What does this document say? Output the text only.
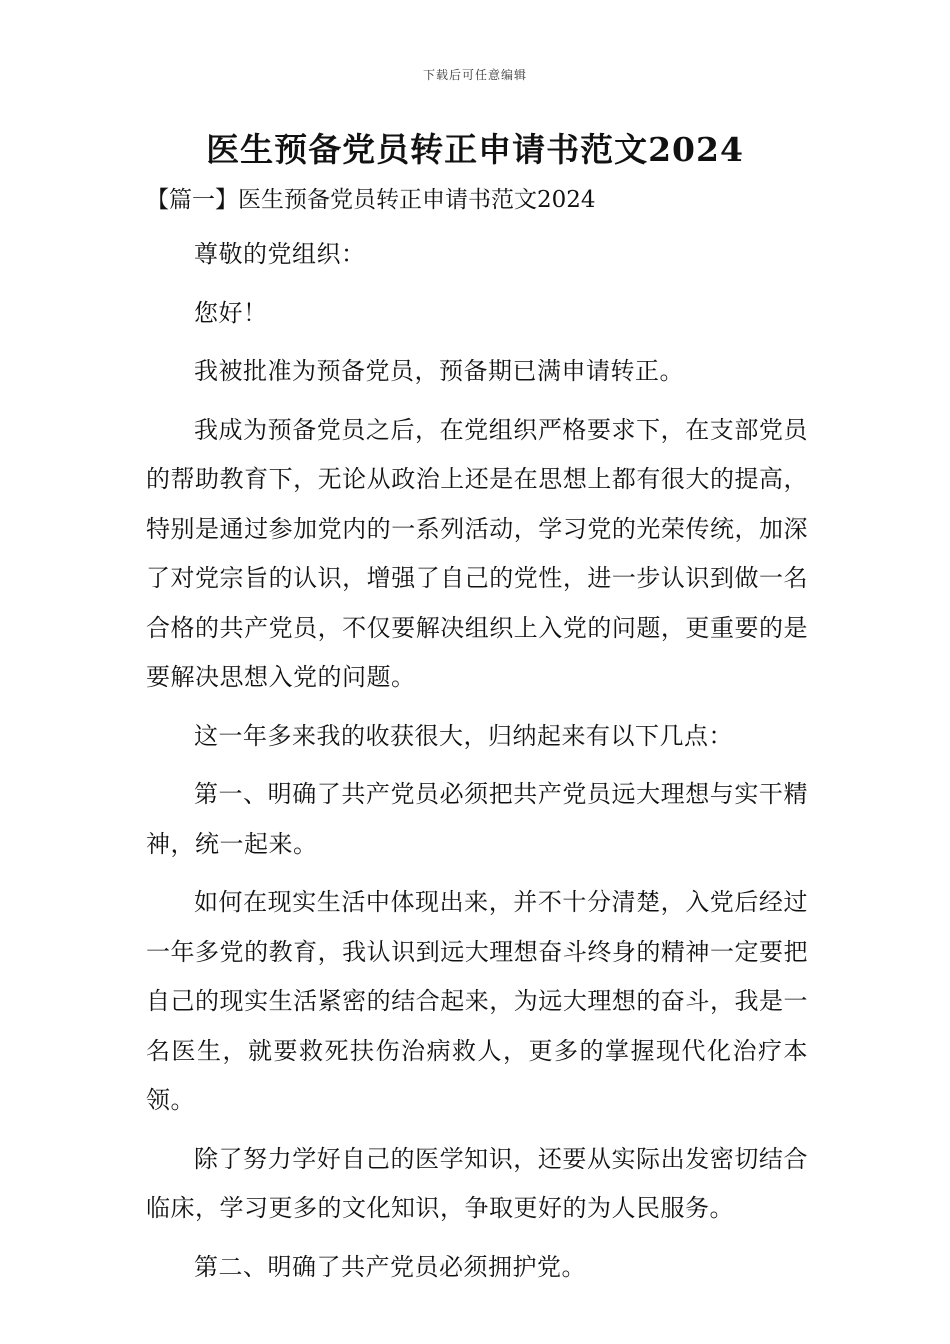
下载后可任意编辑
医生预备党员转正申请书范文2024
【篇一】医生预备党员转正申请书范文2024

尊敬的党组织：

您好！

我被批准为预备党员，预备期已满申请转正。

我成为预备党员之后，在党组织严格要求下，在支部党员的帮助教育下，无论从政治上还是在思想上都有很大的提高，特别是通过参加党内的一系列活动，学习党的光荣传统，加深了对党宗旨的认识，增强了自己的党性，进一步认识到做一名合格的共产党员，不仅要解决组织上入党的问题，更重要的是要解决思想入党的问题。

这一年多来我的收获很大，归纳起来有以下几点：

第一、明确了共产党员必须把共产党员远大理想与实干精神，统一起来。

如何在现实生活中体现出来，并不十分清楚，入党后经过一年多党的教育，我认识到远大理想奋斗终身的精神一定要把自己的现实生活紧密的结合起来，为远大理想的奋斗，我是一名医生，就要救死扶伤治病救人，更多的掌握现代化治疗本领。

除了努力学好自己的医学知识，还要从实际出发密切结合临床，学习更多的文化知识，争取更好的为人民服务。

第二、明确了共产党员必须拥护党。
